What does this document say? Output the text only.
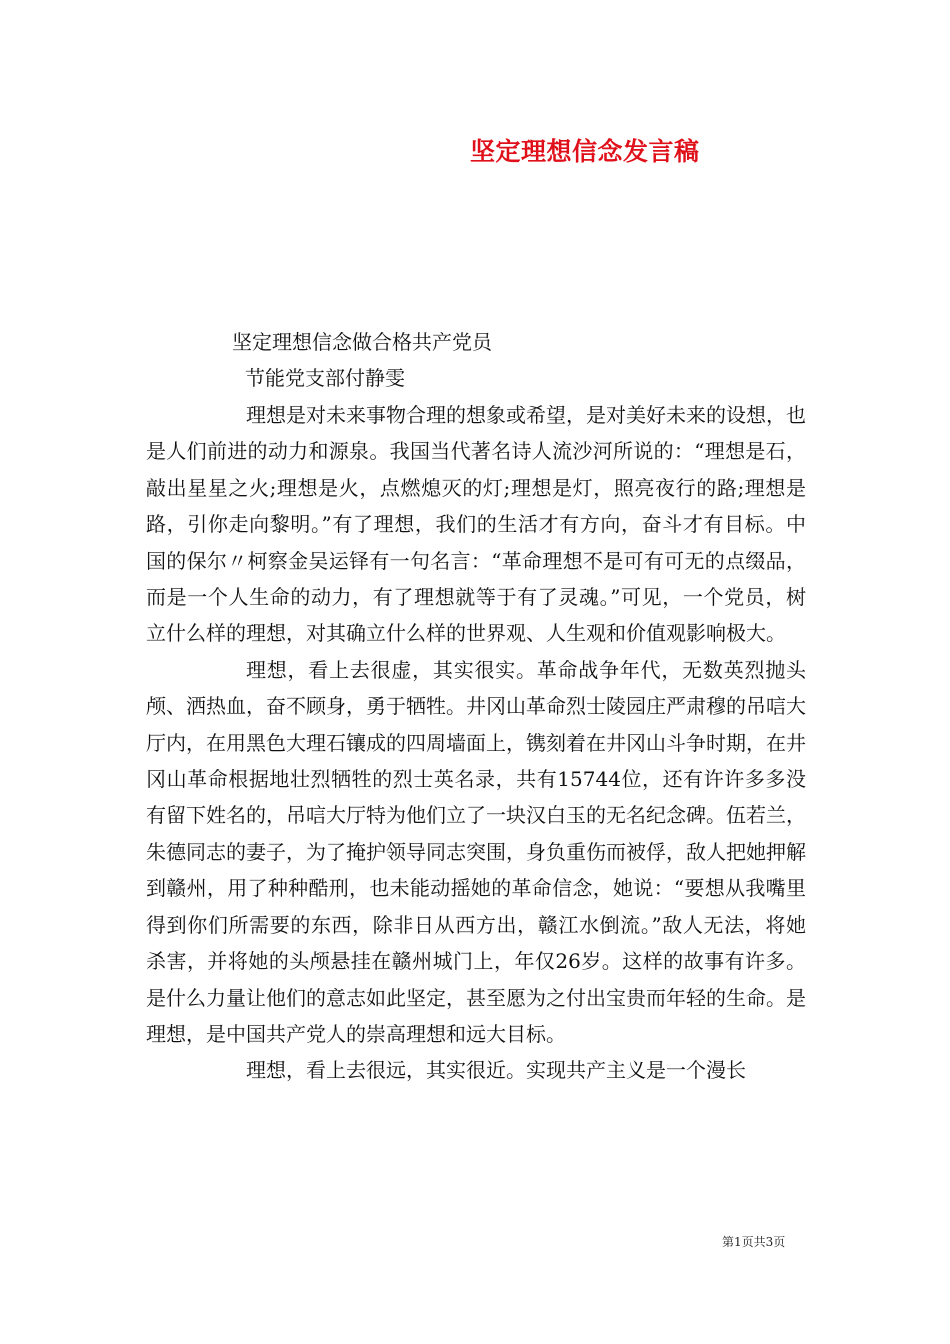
坚定理想信念发言稿
坚定理想信念做合格共产党员
节能党支部付静雯

理想是对未来事物合理的想象或希望，是对美好未来的设想，也是人们前进的动力和源泉。我国当代著名诗人流沙河所说的：“理想是石，敲出星星之火;理想是火，点燃熄灭的灯;理想是灯，照亮夜行的路;理想是路，引你走向黎明。”有了理想，我们的生活才有方向，奋斗才有目标。中国的保尔〃柯察金吴运铎有一句名言：“革命理想不是可有可无的点缀品，而是一个人生命的动力，有了理想就等于有了灵魂。”可见，一个党员，树立什么样的理想，对其确立什么样的世界观、人生观和价值观影响极大。

理想，看上去很虚，其实很实。革命战争年代，无数英烈抛头颅、洒热血，奋不顾身，勇于牺牲。井冈山革命烈士陵园庄严肃穆的吊唁大厅内，在用黑色大理石镶成的四周墙面上，镌刻着在井冈山斗争时期，在井冈山革命根据地壮烈牺牲的烈士英名录，共有15744位，还有许许多多没有留下姓名的，吊唁大厅特为他们立了一块汉白玉的无名纪念碑。伍若兰，朱德同志的妻子，为了掩护领导同志突围，身负重伤而被俘，敌人把她押解到赣州，用了种种酷刑，也未能动摇她的革命信念，她说：“要想从我嘴里得到你们所需要的东西，除非日从西方出，赣江水倒流。”敌人无法，将她杀害，并将她的头颅悬挂在赣州城门上，年仅26岁。这样的故事有许多。是什么力量让他们的意志如此坚定，甚至愿为之付出宝贵而年轻的生命。是理想，是中国共产党人的崇高理想和远大目标。

理想，看上去很远，其实很近。实现共产主义是一个漫长

第1页共3页
